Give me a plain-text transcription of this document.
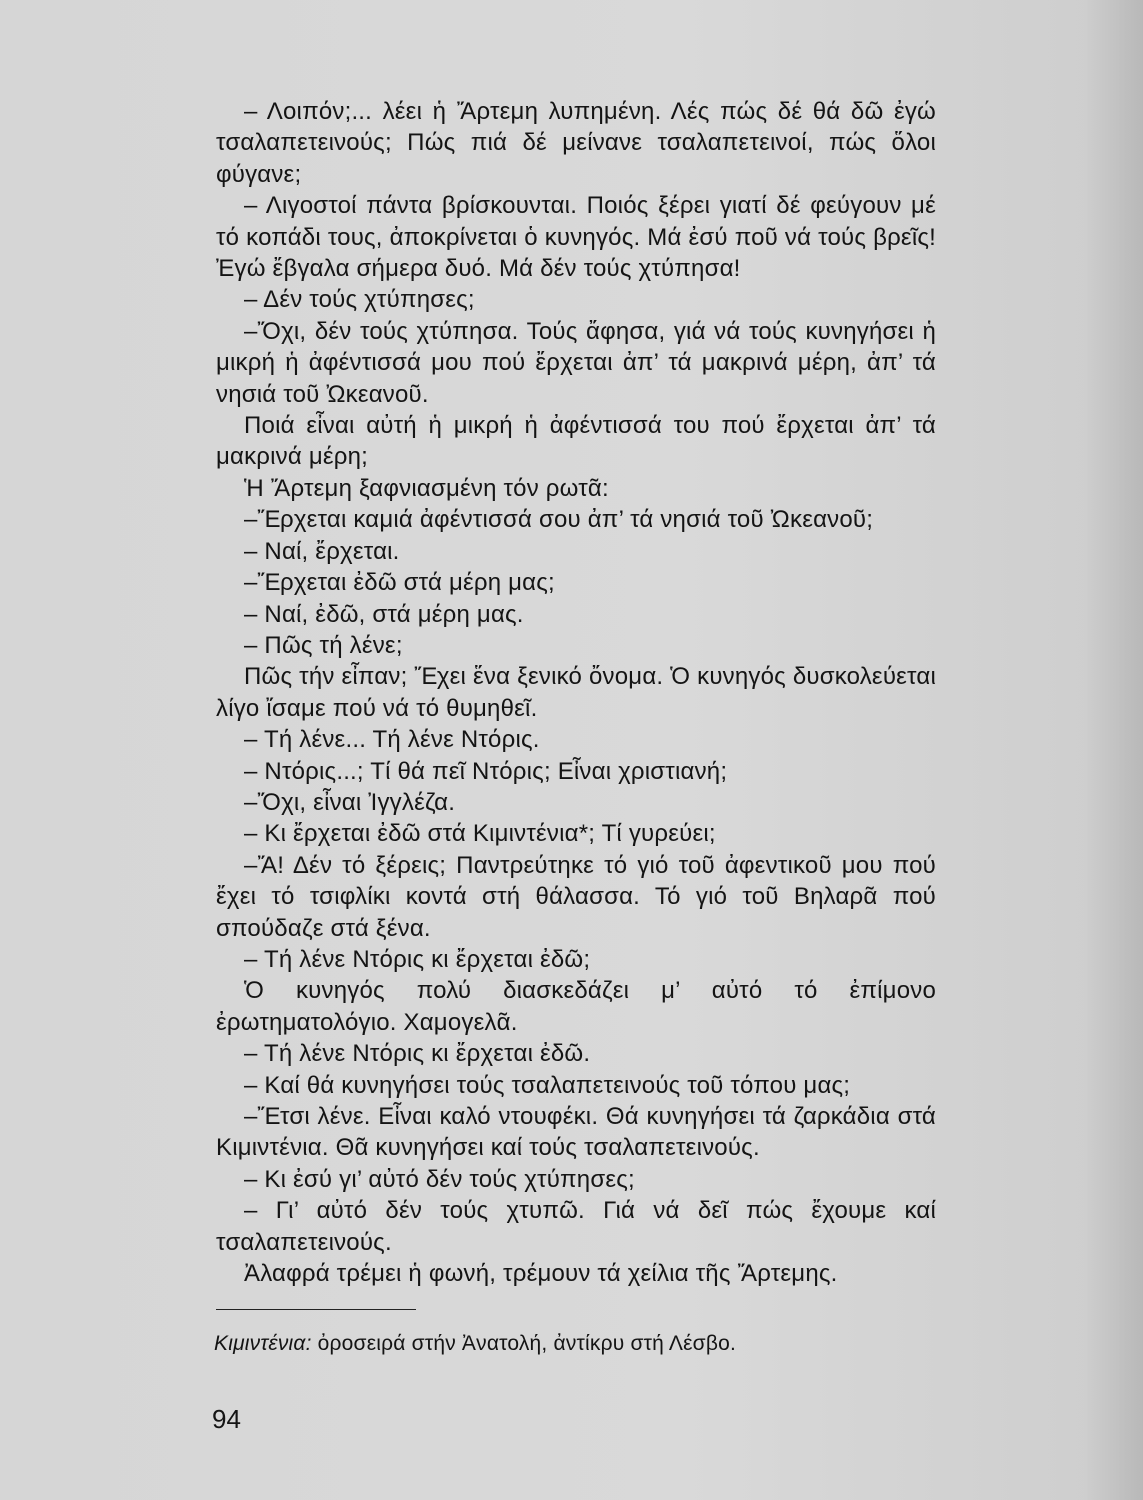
– Λοιπόν;... λέει ἡ Ἄρτεμη λυπημένη. Λές πώς δέ θά δῶ ἐγώ τσαλαπετεινούς; Πώς πιά δέ μείνανε τσαλαπετεινοί, πώς ὅλοι φύγανε;

– Λιγοστοί πάντα βρίσκουνται. Ποιός ξέρει γιατί δέ φεύγουν μέ τό κοπάδι τους, ἀποκρίνεται ὁ κυνηγός. Μά ἐσύ ποῦ νά τούς βρεῖς! Ἐγώ ἔβγαλα σήμερα δυό. Μά δέν τούς χτύπησα!

– Δέν τούς χτύπησες;

–Ὄχι, δέν τούς χτύπησα. Τούς ἄφησα, γιά νά τούς κυνηγήσει ἡ μικρή ἡ ἀφέντισσά μου πού ἔρχεται ἀπ’ τά μακρινά μέρη, ἀπ’ τά νησιά τοῦ Ὠκεανοῦ.

Ποιά εἶναι αὐτή ἡ μικρή ἡ ἀφέντισσά του πού ἔρχεται ἀπ’ τά μακρινά μέρη;

Ἡ Ἄρτεμη ξαφνιασμένη τόν ρωτᾶ:

–Ἔρχεται καμιά ἀφέντισσά σου ἀπ’ τά νησιά τοῦ Ὠκεανοῦ;

– Ναί, ἔρχεται.

–Ἔρχεται ἐδῶ στά μέρη μας;

– Ναί, ἐδῶ, στά μέρη μας.

– Πῶς τή λένε;

Πῶς τήν εἶπαν; Ἔχει ἕνα ξενικό ὄνομα. Ὁ κυνηγός δυσκολεύεται λίγο ἴσαμε πού νά τό θυμηθεῖ.

– Τή λένε... Τή λένε Ντόρις.

– Ντόρις...; Τί θά πεῖ Ντόρις; Εἶναι χριστιανή;

–Ὄχι, εἶναι Ἰγγλέζα.

– Κι ἔρχεται ἐδῶ στά Κιμιντένια*; Τί γυρεύει;

–Ἄ! Δέν τό ξέρεις; Παντρεύτηκε τό γιό τοῦ ἀφεντικοῦ μου πού ἔχει τό τσιφλίκι κοντά στή θάλασσα. Τό γιό τοῦ Βηλαρᾶ πού σπούδαζε στά ξένα.

– Τή λένε Ντόρις κι ἔρχεται ἐδῶ;

Ὁ κυνηγός πολύ διασκεδάζει μ’ αὐτό τό ἐπίμονο ἐρωτηματολόγιο. Χαμογελᾶ.

– Τή λένε Ντόρις κι ἔρχεται ἐδῶ.

– Καί θά κυνηγήσει τούς τσαλαπετεινούς τοῦ τόπου μας;

–Ἔτσι λένε. Εἶναι καλό ντουφέκι. Θά κυνηγήσει τά ζαρκάδια στά Κιμιντένια. Θᾶ κυνηγήσει καί τούς τσαλαπετεινούς.

– Κι ἐσύ γι’ αὐτό δέν τούς χτύπησες;

– Γι’ αὐτό δέν τούς χτυπῶ. Γιά νά δεῖ πώς ἔχουμε καί τσαλαπετεινούς.

Ἀλαφρά τρέμει ἡ φωνή, τρέμουν τά χείλια τῆς Ἄρτεμης.

Κιμιντένια: ὀροσειρά στήν Ἀνατολή, ἀντίκρυ στή Λέσβο.
94
